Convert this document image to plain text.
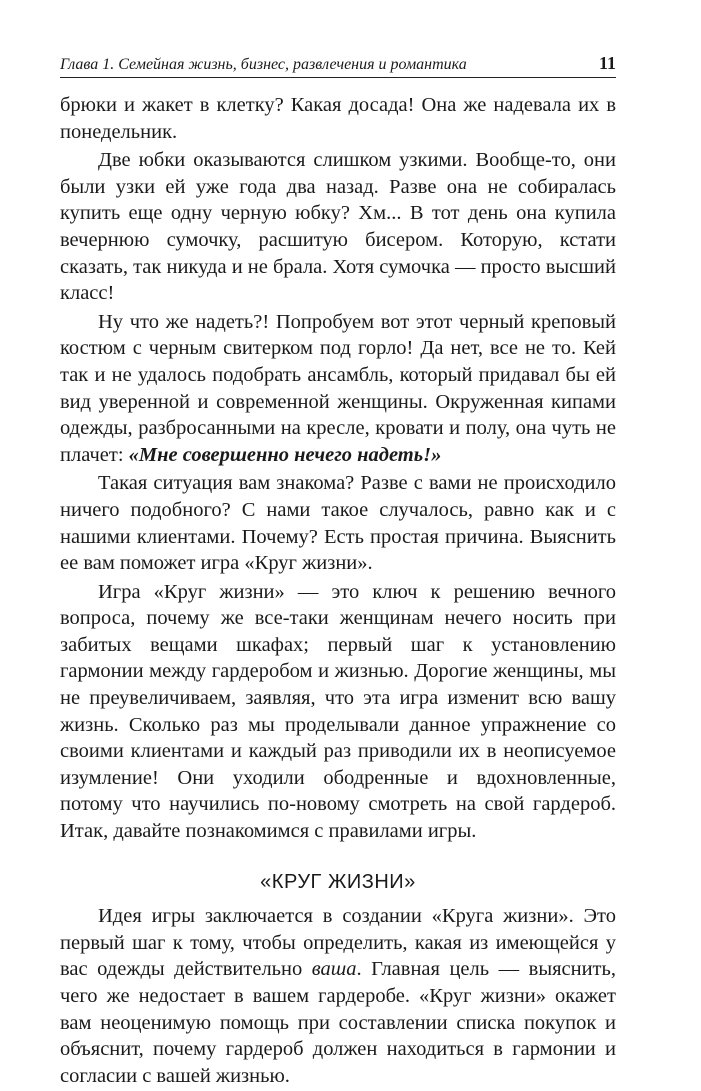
Глава 1. Семейная жизнь, бизнес, развлечения и романтика	11

брюки и жакет в клетку? Какая досада! Она же надевала их в понедельник.

Две юбки оказываются слишком узкими. Вообще-то, они были узки ей уже года два назад. Разве она не собиралась купить еще одну черную юбку? Хм... В тот день она купила вечернюю сумочку, расшитую бисером. Которую, кстати сказать, так никуда и не брала. Хотя сумочка — просто высший класс!

Ну что же надеть?! Попробуем вот этот черный креповый костюм с черным свитерком под горло! Да нет, все не то. Кей так и не удалось подобрать ансамбль, который придавал бы ей вид уверенной и современной женщины. Окруженная кипами одежды, разбросанными на кресле, кровати и полу, она чуть не плачет: «Мне совершенно нечего надеть!»

Такая ситуация вам знакома? Разве с вами не происходило ничего подобного? С нами такое случалось, равно как и с нашими клиентами. Почему? Есть простая причина. Выяснить ее вам поможет игра «Круг жизни».

Игра «Круг жизни» — это ключ к решению вечного вопроса, почему же все-таки женщинам нечего носить при забитых вещами шкафах; первый шаг к установлению гармонии между гардеробом и жизнью. Дорогие женщины, мы не преувеличиваем, заявляя, что эта игра изменит всю вашу жизнь. Сколько раз мы проделывали данное упражнение со своими клиентами и каждый раз приводили их в неописуемое изумление! Они уходили ободренные и вдохновленные, потому что научились по-новому смотреть на свой гардероб. Итак, давайте познакомимся с правилами игры.

«КРУГ ЖИЗНИ»

Идея игры заключается в создании «Круга жизни». Это первый шаг к тому, чтобы определить, какая из имеющейся у вас одежды действительно ваша. Главная цель — выяснить, чего же недостает в вашем гардеробе. «Круг жизни» окажет вам неоценимую помощь при составлении списка покупок и объяснит, почему гардероб должен находиться в гармонии и согласии с вашей жизнью.
